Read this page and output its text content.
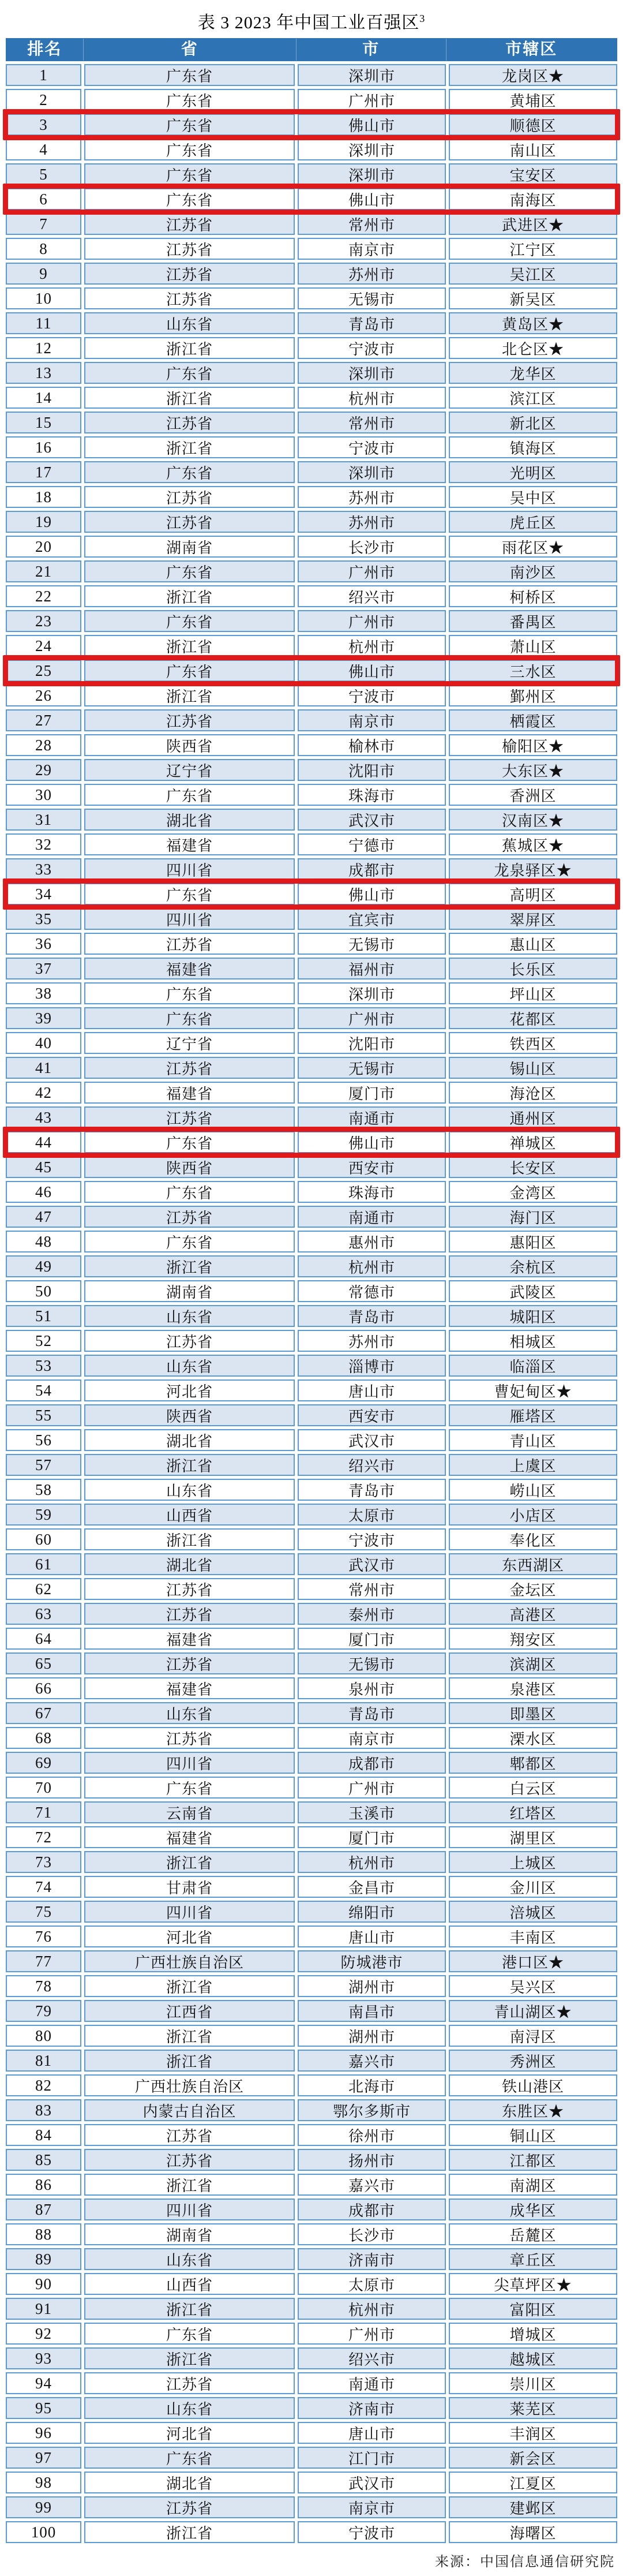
表 3 2023 年中国工业百强区$^3$
排名	省	市	市辖区
1	广东省	深圳市	龙岗区★
2	广东省	广州市	黄埔区
3	广东省	佛山市	顺德区
4	广东省	深圳市	南山区
5	广东省	深圳市	宝安区
6	广东省	佛山市	南海区
7	江苏省	常州市	武进区★
8	江苏省	南京市	江宁区
9	江苏省	苏州市	吴江区
10	江苏省	无锡市	新吴区
11	山东省	青岛市	黄岛区★
12	浙江省	宁波市	北仑区★
13	广东省	深圳市	龙华区
14	浙江省	杭州市	滨江区
15	江苏省	常州市	新北区
16	浙江省	宁波市	镇海区
17	广东省	深圳市	光明区
18	江苏省	苏州市	吴中区
19	江苏省	苏州市	虎丘区
20	湖南省	长沙市	雨花区★
21	广东省	广州市	南沙区
22	浙江省	绍兴市	柯桥区
23	广东省	广州市	番禺区
24	浙江省	杭州市	萧山区
25	广东省	佛山市	三水区
26	浙江省	宁波市	鄞州区
27	江苏省	南京市	栖霞区
28	陕西省	榆林市	榆阳区★
29	辽宁省	沈阳市	大东区★
30	广东省	珠海市	香洲区
31	湖北省	武汉市	汉南区★
32	福建省	宁德市	蕉城区★
33	四川省	成都市	龙泉驿区★
34	广东省	佛山市	高明区
35	四川省	宜宾市	翠屏区
36	江苏省	无锡市	惠山区
37	福建省	福州市	长乐区
38	广东省	深圳市	坪山区
39	广东省	广州市	花都区
40	辽宁省	沈阳市	铁西区
41	江苏省	无锡市	锡山区
42	福建省	厦门市	海沧区
43	江苏省	南通市	通州区
44	广东省	佛山市	禅城区
45	陕西省	西安市	长安区
46	广东省	珠海市	金湾区
47	江苏省	南通市	海门区
48	广东省	惠州市	惠阳区
49	浙江省	杭州市	余杭区
50	湖南省	常德市	武陵区
51	山东省	青岛市	城阳区
52	江苏省	苏州市	相城区
53	山东省	淄博市	临淄区
54	河北省	唐山市	曹妃甸区★
55	陕西省	西安市	雁塔区
56	湖北省	武汉市	青山区
57	浙江省	绍兴市	上虞区
58	山东省	青岛市	崂山区
59	山西省	太原市	小店区
60	浙江省	宁波市	奉化区
61	湖北省	武汉市	东西湖区
62	江苏省	常州市	金坛区
63	江苏省	泰州市	高港区
64	福建省	厦门市	翔安区
65	江苏省	无锡市	滨湖区
66	福建省	泉州市	泉港区
67	山东省	青岛市	即墨区
68	江苏省	南京市	溧水区
69	四川省	成都市	郫都区
70	广东省	广州市	白云区
71	云南省	玉溪市	红塔区
72	福建省	厦门市	湖里区
73	浙江省	杭州市	上城区
74	甘肃省	金昌市	金川区
75	四川省	绵阳市	涪城区
76	河北省	唐山市	丰南区
77	广西壮族自治区	防城港市	港口区★
78	浙江省	湖州市	吴兴区
79	江西省	南昌市	青山湖区★
80	浙江省	湖州市	南浔区
81	浙江省	嘉兴市	秀洲区
82	广西壮族自治区	北海市	铁山港区
83	内蒙古自治区	鄂尔多斯市	东胜区★
84	江苏省	徐州市	铜山区
85	江苏省	扬州市	江都区
86	浙江省	嘉兴市	南湖区
87	四川省	成都市	成华区
88	湖南省	长沙市	岳麓区
89	山东省	济南市	章丘区
90	山西省	太原市	尖草坪区★
91	浙江省	杭州市	富阳区
92	广东省	广州市	增城区
93	浙江省	绍兴市	越城区
94	江苏省	南通市	崇川区
95	山东省	济南市	莱芜区
96	河北省	唐山市	丰润区
97	广东省	江门市	新会区
98	湖北省	武汉市	江夏区
99	江苏省	南京市	建邺区
100	浙江省	宁波市	海曙区
来源：中国信息通信研究院
